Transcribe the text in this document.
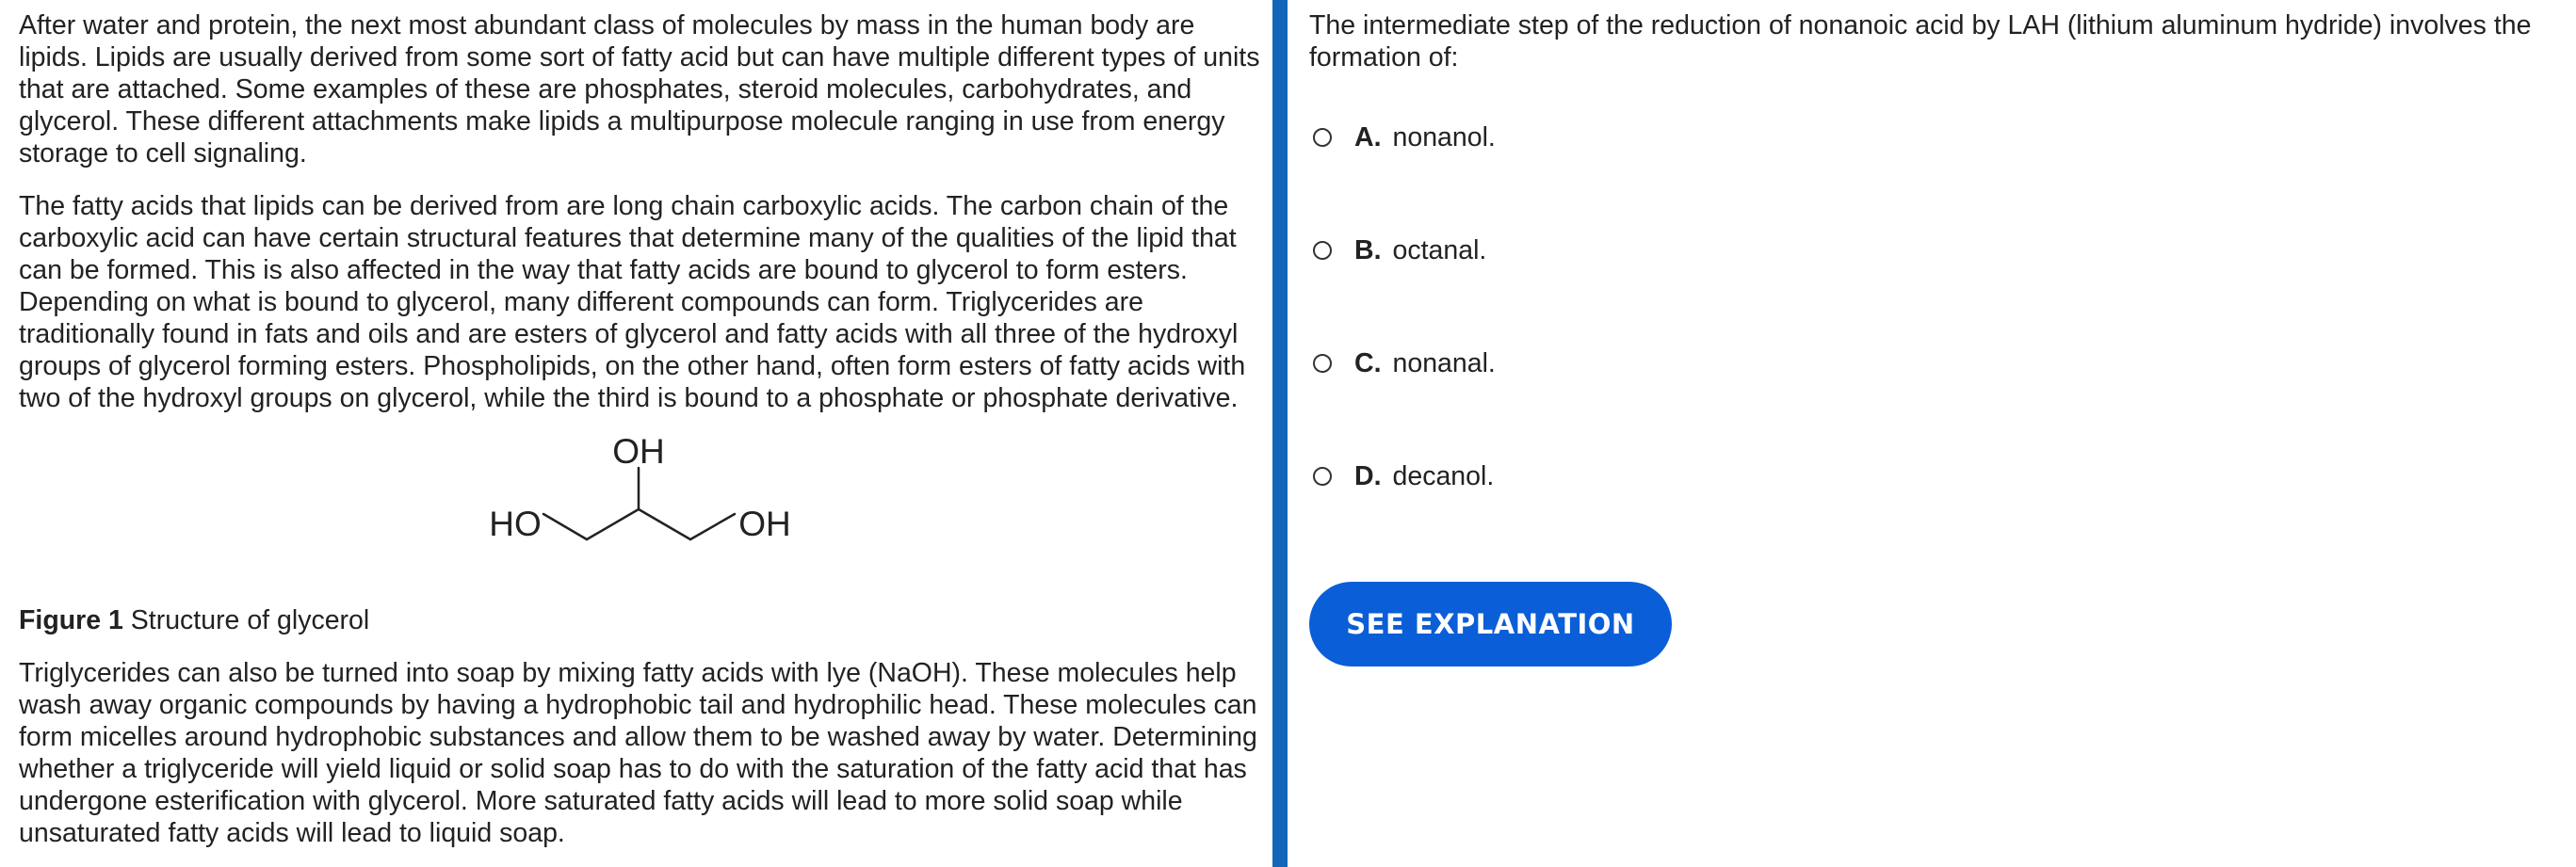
After water and protein, the next most abundant class of molecules by mass in the human body are lipids. Lipids are usually derived from some sort of fatty acid but can have multiple different types of units that are attached. Some examples of these are phosphates, steroid molecules, carbohydrates, and glycerol. These different attachments make lipids a multipurpose molecule ranging in use from energy storage to cell signaling.

The fatty acids that lipids can be derived from are long chain carboxylic acids. The carbon chain of the carboxylic acid can have certain structural features that determine many of the qualities of the lipid that can be formed. This is also affected in the way that fatty acids are bound to glycerol to form esters. Depending on what is bound to glycerol, many different compounds can form. Triglycerides are traditionally found in fats and oils and are esters of glycerol and fatty acids with all three of the hydroxyl groups of glycerol forming esters. Phospholipids, on the other hand, often form esters of fatty acids with two of the hydroxyl groups on glycerol, while the third is bound to a phosphate or phosphate derivative.

OH
HO	OH

Figure 1 Structure of glycerol

Triglycerides can also be turned into soap by mixing fatty acids with lye (NaOH). These molecules help wash away organic compounds by having a hydrophobic tail and hydrophilic head. These molecules can form micelles around hydrophobic substances and allow them to be washed away by water. Determining whether a triglyceride will yield liquid or solid soap has to do with the saturation of the fatty acid that has undergone esterification with glycerol. More saturated fatty acids will lead to more solid soap while unsaturated fatty acids will lead to liquid soap.

The intermediate step of the reduction of nonanoic acid by LAH (lithium aluminum hydride) involves the formation of:

A. nonanol.
B. octanal.
C. nonanal.
D. decanol.
SEE EXPLANATION
